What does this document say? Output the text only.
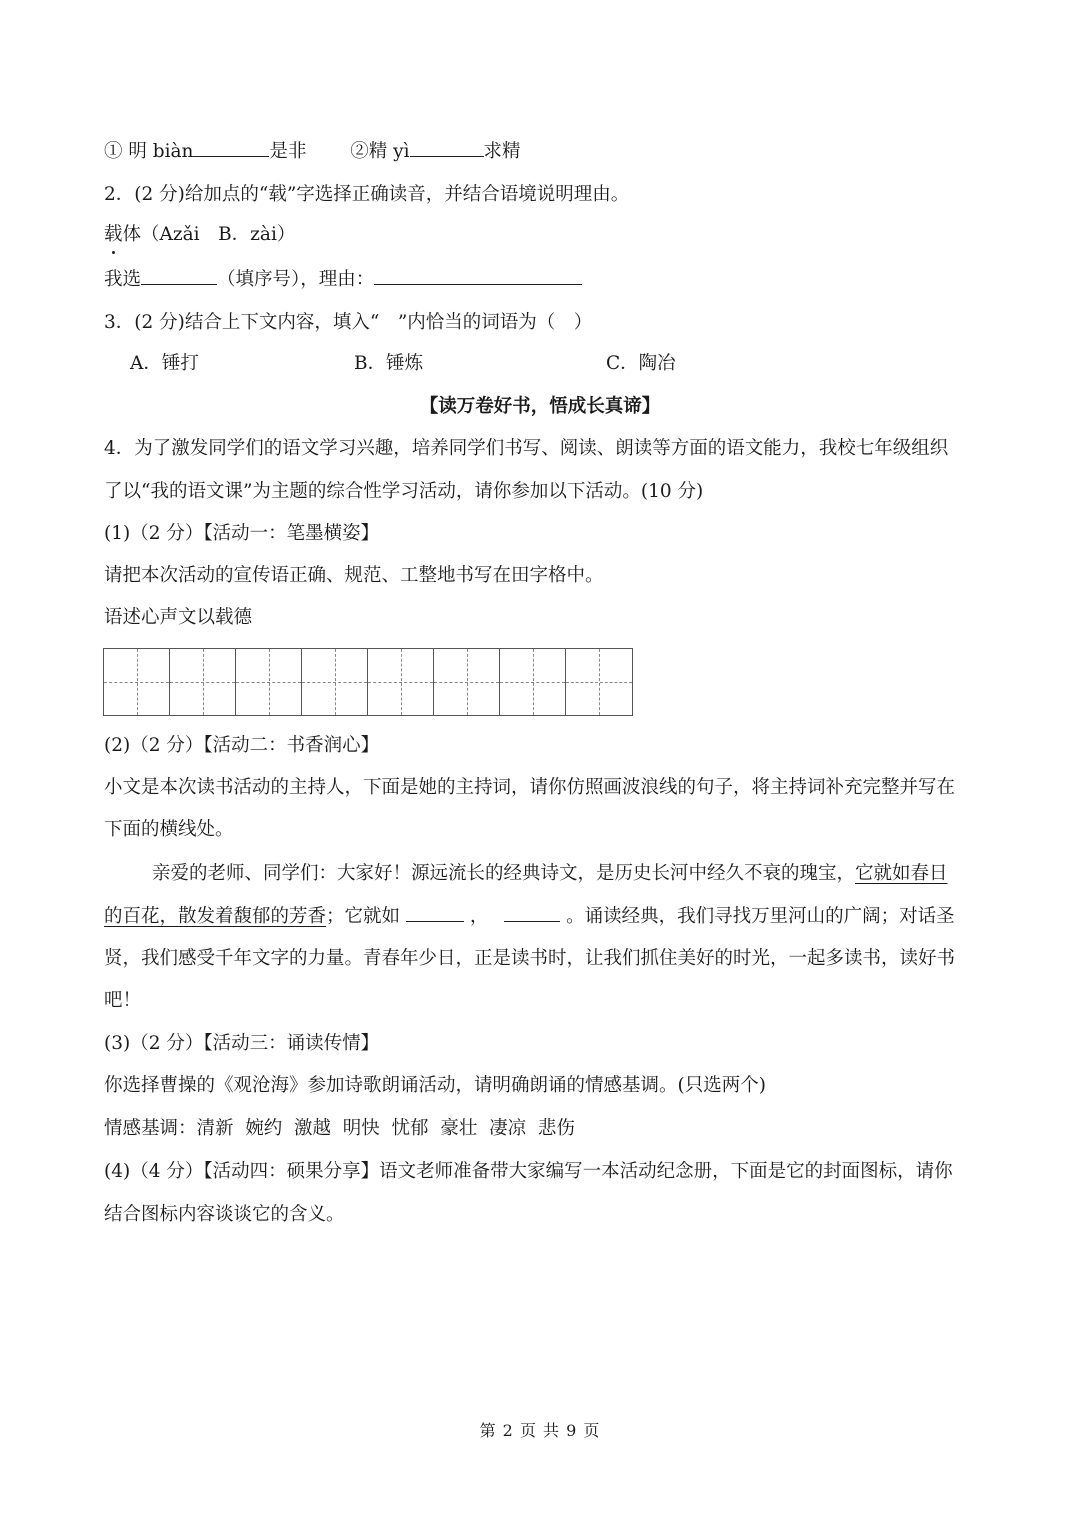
① 明 biàn	是非 ②精 yì	求精
2．(2 分)给加点的“载”字选择正确读音，并结合语境说明理由。
载体（Azǎi　B．zài）
我选	（填序号），理由：
3．(2 分)结合上下文内容，填入“　”内恰当的词语为（　）
A．锤打	B．锤炼	C．陶冶
【读万卷好书，悟成长真谛】
4．为了激发同学们的语文学习兴趣，培养同学们书写、阅读、朗读等方面的语文能力，我校七年级组织
了以“我的语文课”为主题的综合性学习活动，请你参加以下活动。(10 分)
(1)（2 分）【活动一：笔墨横姿】
请把本次活动的宣传语正确、规范、工整地书写在田字格中。
语述心声文以载德
(2)（2 分）【活动二：书香润心】
小文是本次读书活动的主持人，下面是她的主持词，请你仿照画波浪线的句子，将主持词补充完整并写在
下面的横线处。
亲爱的老师、同学们：大家好！源远流长的经典诗文，是历史长河中经久不衰的瑰宝，它就如春日
的百花，散发着馥郁的芳香；它就如	，	。诵读经典，我们寻找万里河山的广阔；对话圣
贤，我们感受千年文字的力量。青春年少日，正是读书时，让我们抓住美好的时光，一起多读书，读好书
吧！
(3)（2 分）【活动三：诵读传情】
你选择曹操的《观沧海》参加诗歌朗诵活动，请明确朗诵的情感基调。(只选两个)
情感基调：清新  婉约  激越  明快  忧郁  豪壮  凄凉  悲伤
(4)（4 分）【活动四：硕果分享】语文老师准备带大家编写一本活动纪念册，下面是它的封面图标，请你
结合图标内容谈谈它的含义。
第 2 页 共 9 页
